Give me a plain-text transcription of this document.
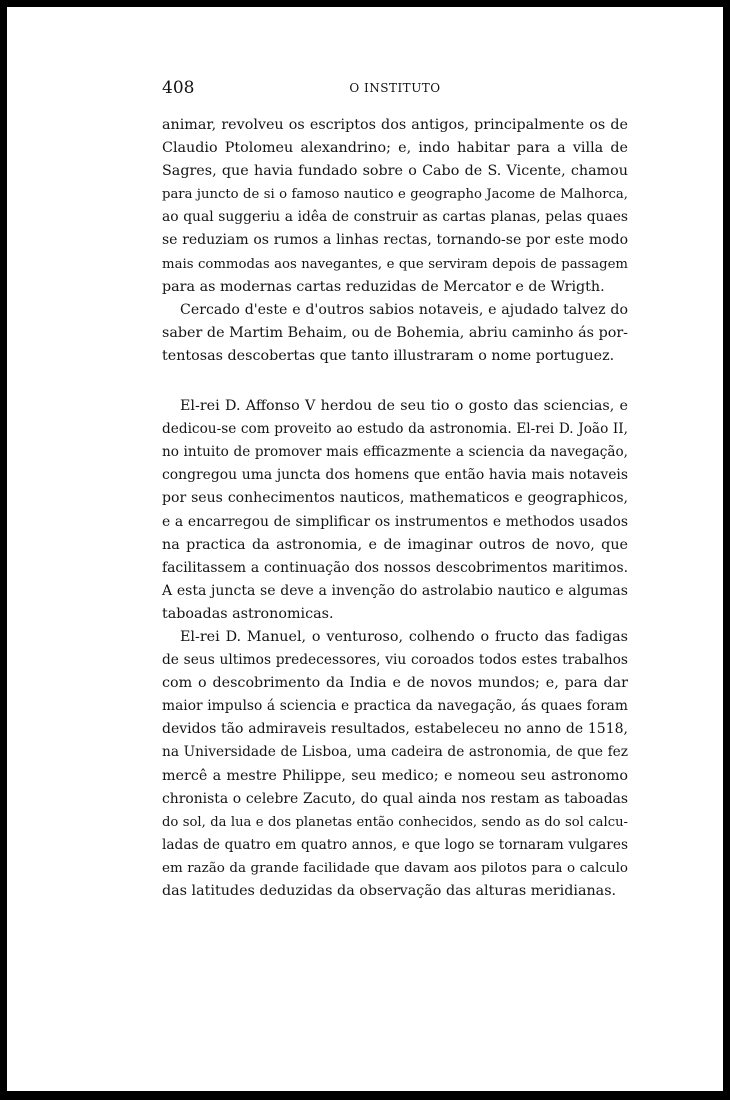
408	O INSTITUTO

animar, revolveu os escriptos dos antigos, principalmente os de
Claudio Ptolomeu alexandrino; e, indo habitar para a villa de
Sagres, que havia fundado sobre o Cabo de S. Vicente, chamou
para juncto de si o famoso nautico e geographo Jacome de Malhorca,
ao qual suggeriu a idêa de construir as cartas planas, pelas quaes
se reduziam os rumos a linhas rectas, tornando-se por este modo
mais commodas aos navegantes, e que serviram depois de passagem
para as modernas cartas reduzidas de Mercator e de Wrigth.

Cercado d'este e d'outros sabios notaveis, e ajudado talvez do
saber de Martim Behaim, ou de Bohemia, abriu caminho ás por-
tentosas descobertas que tanto illustraram o nome portuguez.

El-rei D. Affonso V herdou de seu tio o gosto das sciencias, e
dedicou-se com proveito ao estudo da astronomia. El-rei D. João II,
no intuito de promover mais efficazmente a sciencia da navegação,
congregou uma juncta dos homens que então havia mais notaveis
por seus conhecimentos nauticos, mathematicos e geographicos,
e a encarregou de simplificar os instrumentos e methodos usados
na practica da astronomia, e de imaginar outros de novo, que
facilitassem a continuação dos nossos descobrimentos maritimos.
A esta juncta se deve a invenção do astrolabio nautico e algumas
taboadas astronomicas.

El-rei D. Manuel, o venturoso, colhendo o fructo das fadigas
de seus ultimos predecessores, viu coroados todos estes trabalhos
com o descobrimento da India e de novos mundos; e, para dar
maior impulso á sciencia e practica da navegação, ás quaes foram
devidos tão admiraveis resultados, estabeleceu no anno de 1518,
na Universidade de Lisboa, uma cadeira de astronomia, de que fez
mercê a mestre Philippe, seu medico; e nomeou seu astronomo
chronista o celebre Zacuto, do qual ainda nos restam as taboadas
do sol, da lua e dos planetas então conhecidos, sendo as do sol calcu-
ladas de quatro em quatro annos, e que logo se tornaram vulgares
em razão da grande facilidade que davam aos pilotos para o calculo
das latitudes deduzidas da observação das alturas meridianas.
